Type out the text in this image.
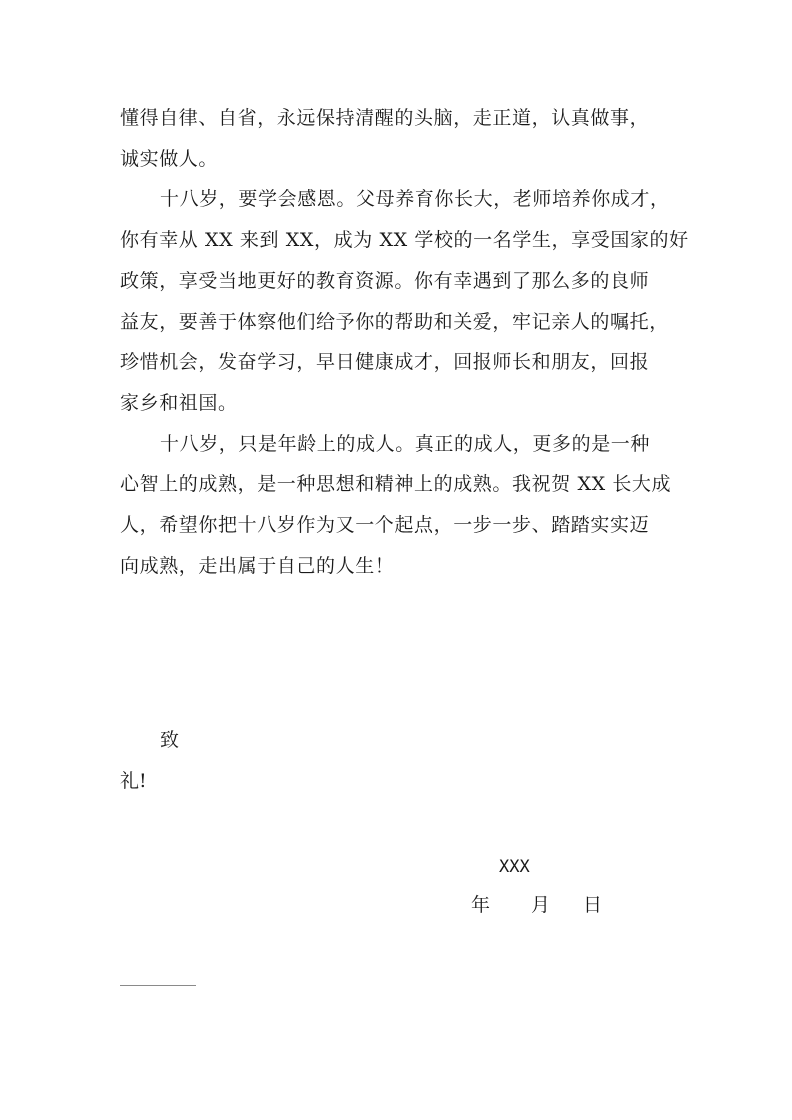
懂得自律、自省，永远保持清醒的头脑，走正道，认真做事，
诚实做人。

十八岁，要学会感恩。父母养育你长大，老师培养你成才，
你有幸从 XX 来到 XX，成为 XX 学校的一名学生，享受国家的好
政策，享受当地更好的教育资源。你有幸遇到了那么多的良师
益友，要善于体察他们给予你的帮助和关爱，牢记亲人的嘱托，
珍惜机会，发奋学习，早日健康成才，回报师长和朋友，回报
家乡和祖国。

十八岁，只是年龄上的成人。真正的成人，更多的是一种
心智上的成熟，是一种思想和精神上的成熟。我祝贺 XX 长大成
人，希望你把十八岁作为又一个起点，一步一步、踏踏实实迈
向成熟，走出属于自己的人生！

致
礼!
XXX
年 月 日
